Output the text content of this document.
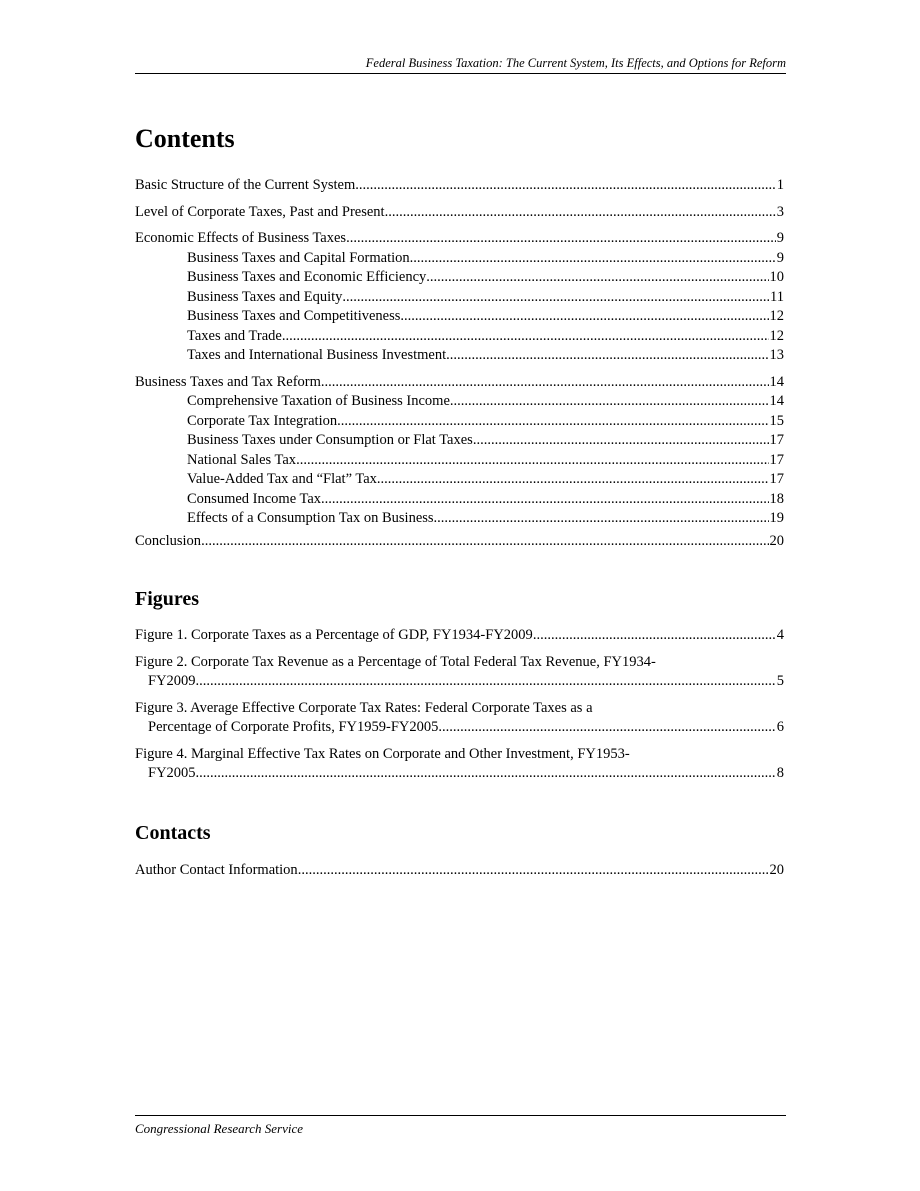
Federal Business Taxation: The Current System, Its Effects, and Options for Reform
Contents
Basic Structure of the Current System .....	1
Level of Corporate Taxes, Past and Present .....	3
Economic Effects of Business Taxes .....	9
Business Taxes and Capital Formation .....	9
Business Taxes and Economic Efficiency .....	10
Business Taxes and Equity .....	11
Business Taxes and Competitiveness .....	12
Taxes and Trade .....	12
Taxes and International Business Investment .....	13
Business Taxes and Tax Reform .....	14
Comprehensive Taxation of Business Income .....	14
Corporate Tax Integration .....	15
Business Taxes under Consumption or Flat Taxes .....	17
National Sales Tax .....	17
Value-Added Tax and “Flat” Tax .....	17
Consumed Income Tax .....	18
Effects of a Consumption Tax on Business .....	19
Conclusion .....	20
Figures
Figure 1. Corporate Taxes as a Percentage of GDP, FY1934-FY2009 .....	4
Figure 2. Corporate Tax Revenue as a Percentage of Total Federal Tax Revenue, FY1934-
FY2009 .....	5
Figure 3. Average Effective Corporate Tax Rates: Federal Corporate Taxes as a
Percentage of Corporate Profits, FY1959-FY2005 .....	6
Figure 4. Marginal Effective Tax Rates on Corporate and Other Investment, FY1953-
FY2005 .....	8
Contacts
Author Contact Information .....	20
Congressional Research Service
